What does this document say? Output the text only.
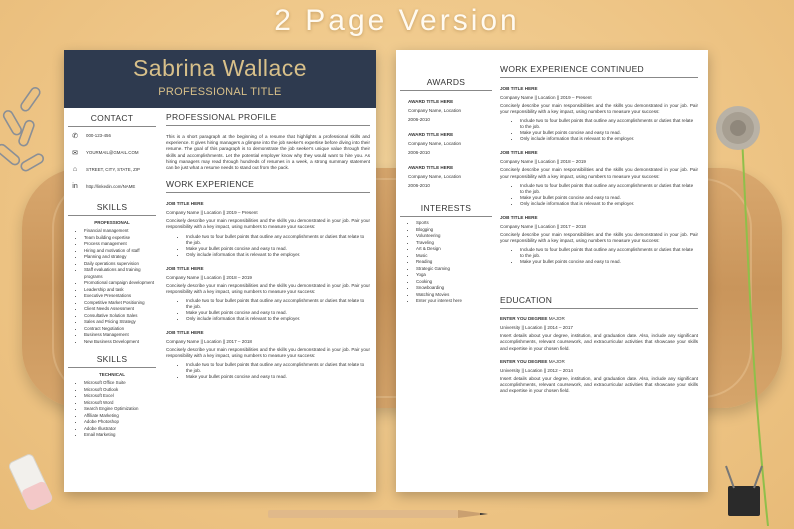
2 Page Version
Sabrina Wallace
PROFESSIONAL TITLE
CONTACT
✆	000-123-456
✉	YOURMAIL@GMAIL.COM
⌂	STREET, CITY, STATE, ZIP
in	http://linkedin.com/NAME
SKILLS
PROFESSIONAL
• Financial management
• Team building expertise
• Process management
• Hiring and motivation of staff
• Planning and strategy
• Daily operations supervision
• Staff evaluations and training programs
• Promotional campaign development
• Leadership and task
• Executive Presentations
• Competitive Market Positioning
• Client Needs Assessment
• Consultative Solution Sales
• Sales and Pricing Strategy
• Contract Negotiation
• Business Management
• New Business Development
SKILLS
TECHNICAL
• Microsoft Office Suite
• Microsoft Outlook
• Microsoft Excel
• Microsoft Word
• Search Engine Optimization
• Affiliate Marketing
• Adobe Photoshop
• Adobe Illustrator
• Email Marketing
PROFESSIONAL PROFILE
This is a short paragraph at the beginning of a resume that highlights a professional skills and experience. It gives hiring managers a glimpse into the job seeker's expertise before diving into their resume. The goal of this paragraph is to demonstrate the job seeker's unique value through their skills and accomplishments. Let the potential employer know why they would want to hire you. As hiring managers may read through hundreds of resumes in a week, a strong summary statement can be just what a resume needs to stand out from the pack.
WORK EXPERIENCE
JOB TITLE HERE
Company Name || Location || 2019 – Present
Concisely describe your main responsibilities and the skills you demonstrated in your job. Pair your responsibility with a key impact, using numbers to measure your success:
• Include two to four bullet points that outline any accomplishments or duties that relate to the job.
• Make your bullet points concise and easy to read.
• Only include information that is relevant to the employer.
JOB TITLE HERE
Company Name || Location || 2018 – 2019
Concisely describe your main responsibilities and the skills you demonstrated in your job. Pair your responsibility with a key impact, using numbers to measure your success:
• Include two to four bullet points that outline any accomplishments or duties that relate to the job.
• Make your bullet points concise and easy to read.
• Only include information that is relevant to the employer.
JOB TITLE HERE
Company Name || Location || 2017 – 2018
Concisely describe your main responsibilities and the skills you demonstrated in your job. Pair your responsibility with a key impact, using numbers to measure your success:
• Include two to four bullet points that outline any accomplishments or duties that relate to the job.
• Make your bullet points concise and easy to read.
AWARDS
AWARD TITLE HERE
Company Name, Location
2006-2010
AWARD TITLE HERE
Company Name, Location
2006-2010
AWARD TITLE HERE
Company Name, Location
2006-2010
INTERESTS
• Sports
• Blogging
• Volunteering
• Traveling
• Art & Design
• Music
• Reading
• Strategic Gaming
• Yoga
• Cooking
• Snowboarding
• Watching Movies
• Enter your interest here
WORK EXPERIENCE CONTINUED
JOB TITLE HERE
Company Name || Location || 2019 – Present
Concisely describe your main responsibilities and the skills you demonstrated in your job. Pair your responsibility with a key impact, using numbers to measure your success:
• Include two to four bullet points that outline any accomplishments or duties that relate to the job.
• Make your bullet points concise and easy to read.
• Only include information that is relevant to the employer.
JOB TITLE HERE
Company Name || Location || 2018 – 2019
Concisely describe your main responsibilities and the skills you demonstrated in your job. Pair your responsibility with a key impact, using numbers to measure your success:
• Include two to four bullet points that outline any accomplishments or duties that relate to the job.
• Make your bullet points concise and easy to read.
• Only include information that is relevant to the employer.
JOB TITLE HERE
Company Name || Location || 2017 – 2018
Concisely describe your main responsibilities and the skills you demonstrated in your job. Pair your responsibility with a key impact, using numbers to measure your success:
• Include two to four bullet points that outline any accomplishments or duties that relate to the job.
• Make your bullet points concise and easy to read.
EDUCATION
ENTER YOU DEGREE MAJOR
University || Location || 2014 – 2017
Insert details about your degree, institution, and graduation date. Also, include any significant accomplishments, relevant coursework, and extracurricular activities that showcase your skills and expertise in your chosen field.
ENTER YOU DEGREE MAJOR
University || Location || 2012 – 2014
Insert details about your degree, institution, and graduation date. Also, include any significant accomplishments, relevant coursework, and extracurricular activities that showcase your skills and expertise in your chosen field.
